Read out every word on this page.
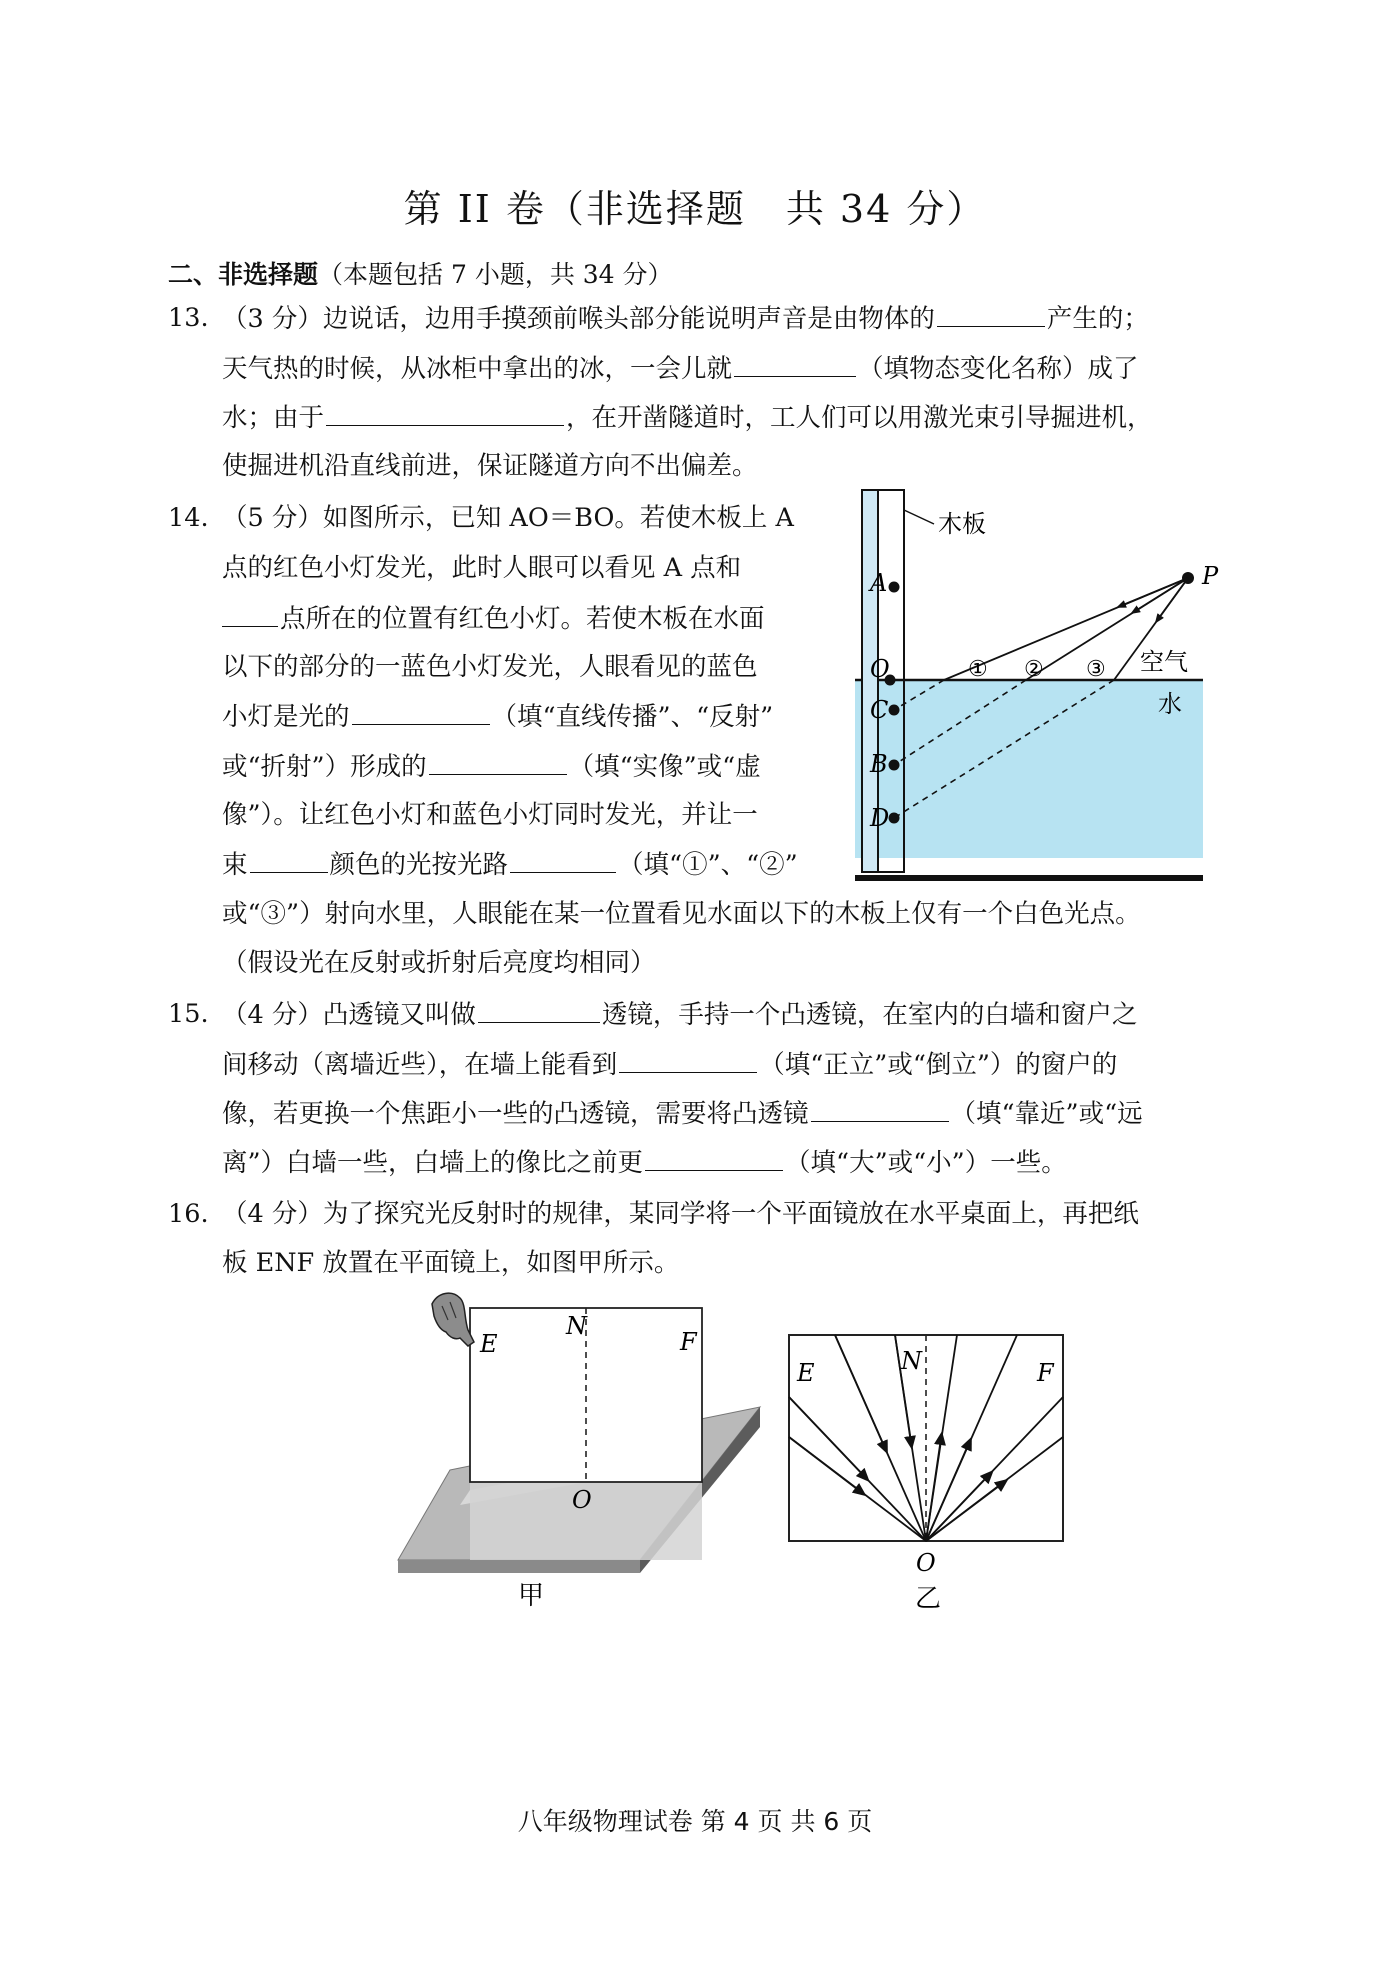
第 II 卷（非选择题　共 34 分）
二、非选择题（本题包括 7 小题，共 34 分）
13. （3 分）边说话，边用手摸颈前喉头部分能说明声音是由物体的	产生的；
天气热的时候，从冰柜中拿出的冰，一会儿就	（填物态变化名称）成了
水；由于	，在开凿隧道时，工人们可以用激光束引导掘进机，
使掘进机沿直线前进，保证隧道方向不出偏差。
14. （5 分）如图所示，已知 AO＝BO。若使木板上 A
点的红色小灯发光，此时人眼可以看见 A 点和
点所在的位置有红色小灯。若使木板在水面
以下的部分的一蓝色小灯发光，人眼看见的蓝色
小灯是光的	（填“直线传播”、“反射”
或“折射”）形成的	（填“实像”或“虚
像”）。让红色小灯和蓝色小灯同时发光，并让一
束	颜色的光按光路	（填“①”、“②”
或“③”）射向水里，人眼能在某一位置看见水面以下的木板上仅有一个白色光点。
（假设光在反射或折射后亮度均相同）
木板
A
O
C
B
D
P
① ② ③ 空气
水
15. （4 分）凸透镜又叫做	透镜，手持一个凸透镜，在室内的白墙和窗户之
间移动（离墙近些），在墙上能看到	（填“正立”或“倒立”）的窗户的
像，若更换一个焦距小一些的凸透镜，需要将凸透镜	（填“靠近”或“远
离”）白墙一些，白墙上的像比之前更	（填“大”或“小”）一些。
16. （4 分）为了探究光反射时的规律，某同学将一个平面镜放在水平桌面上，再把纸
板 ENF 放置在平面镜上，如图甲所示。
E
N
F
O
甲
E	N	F
O
乙
八年级物理试卷 第 4 页 共 6 页
